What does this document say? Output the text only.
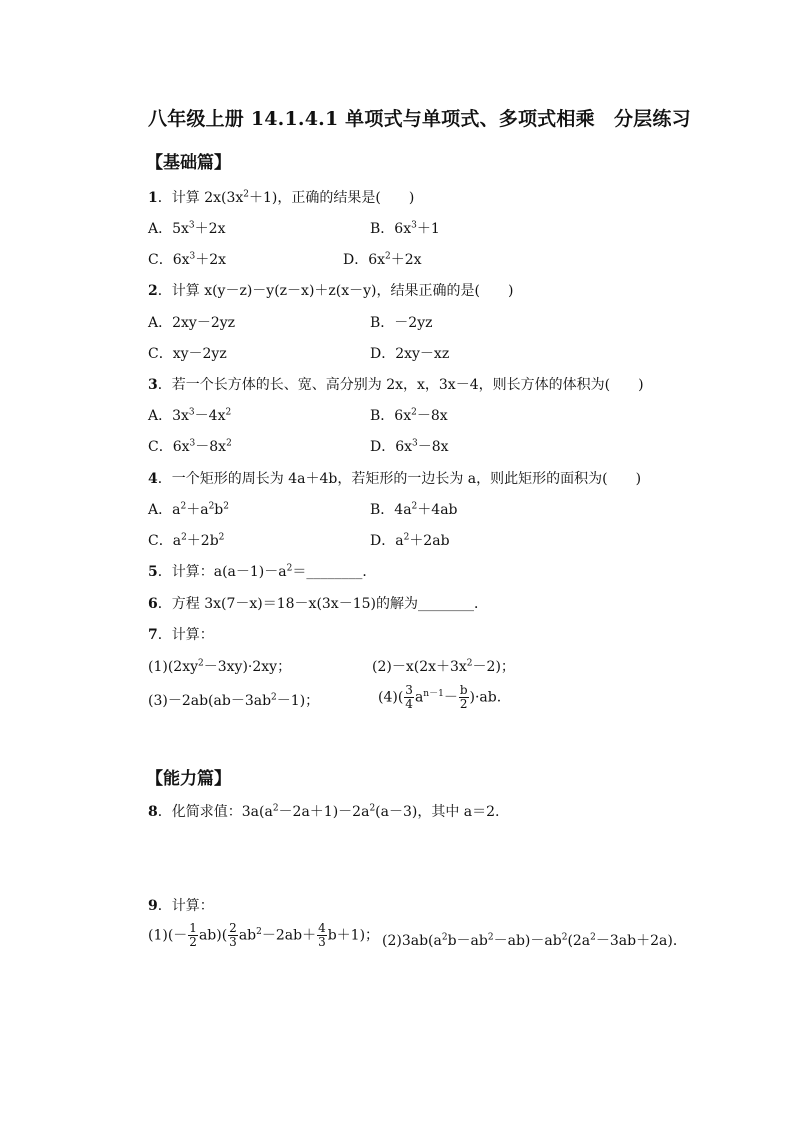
八年级上册 14.1.4.1 单项式与单项式、多项式相乘　分层练习
【基础篇】
1．计算 $2x(3x^2+1)$，正确的结果是(　　)
A．$5x^3+2x$	B．$6x^3+1$
C．$6x^3+2x$	D．$6x^2+2x$
2．计算 x(y－z)－y(z－x)＋z(x－y)，结果正确的是(　　)
A．2xy－2yz	B．－2yz
C．xy－2yz	D．2xy－xz
3．若一个长方体的长、宽、高分别为 2x，x，3x－4，则长方体的体积为(　　)
A．$3x^3-4x^2$	B．$6x^2-8x$
C．$6x^3-8x^2$	D．$6x^3-8x$
4．一个矩形的周长为 4a＋4b，若矩形的一边长为 a，则此矩形的面积为(　　)
A．$a^2+a^2b^2$	B．$4a^2+4ab$
C．$a^2+2b^2$	D．$a^2+2ab$
5．计算：$a(a-1)-a^2=\_\_\_\_\_\_\_\_$．
6．方程 3x(7－x)＝18－x(3x－15)的解为________．
7．计算：
$(1)(2xy^2-3xy)\cdot 2xy$；	$(2)-x(2x+3x^2-2)$；
$(3)-2ab(ab-3ab^2-1)$；	$(4)( \frac{3}{4} a^{n-1}- \frac{b}{2} )\cdot ab$.
【能力篇】
8．化简求值：$3a(a^2-2a+1)-2a^2(a-3)$，其中 a＝2.
9．计算：
$(1)(- \frac{1}{2} ab)( \frac{2}{3} ab^2-2ab+ \frac{4}{3} b+1)$； $(2)3ab(a^2b-ab^2-ab)-ab^2(2a^2-3ab+2a)$．
